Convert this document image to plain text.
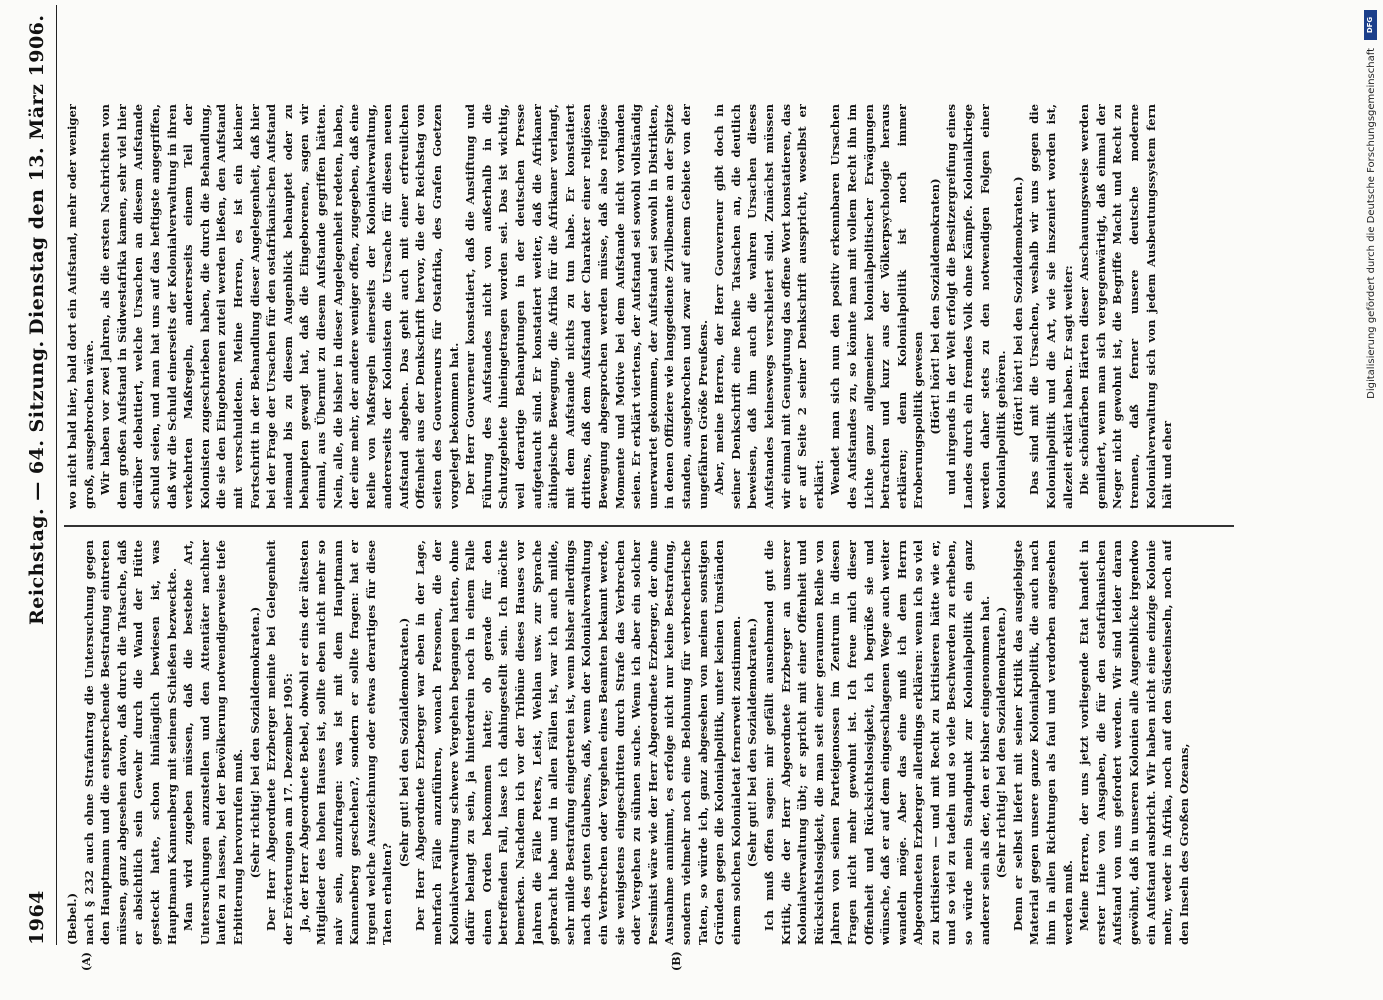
1964
Reichstag. — 64. Sitzung.
Dienstag den 13. März 1906.
(A)	(B)

(Bebel.) nach § 232 auch ohne Strafantrag die Untersuchung gegen den Hauptmann und die entsprechende Bestrafung eintreten müssen, ganz abgesehen davon, daß durch die Tatsache, daß er absichtlich sein Gewehr durch die Wand der Hütte gesteckt hatte, schon hinlänglich bewiesen ist, was Hauptmann Kannenberg mit seinem Schießen bezweckte. Man wird zugeben müssen, daß die bestebte Art, Untersuchungen anzustellen und den Attentäter nachher laufen zu lassen, bei der Bevölkerung notwendigerweise tiefe Erbitterung hervorrufen muß. (Sehr richtig! bei den Sozialdemokraten.) Der Herr Abgeordnete Erzberger meinte bei Gelegenheit der Erörterungen am 17. Dezember 1905: Ja, der Herr Abgeordnete Bebel, obwohl er eins der ältesten Mitglieder des hohen Hauses ist, sollte eben nicht mehr so naiv sein, anzufragen: was ist mit dem Hauptmann Kannenberg geschehen?, sondern er sollte fragen: hat er irgend welche Auszeichnung oder etwas derartiges für diese Taten erhalten?

(Sehr gut! bei den Sozialdemokraten.) Der Herr Abgeordnete Erzberger war eben in der Lage, mehrfach Fälle anzuführen, wonach Personen, die der Kolonialverwaltung schwere Vergehen begangen hatten, ohne dafür belangt zu sein, ja hinterdrein noch in einem Falle einen Orden bekommen hatte; ob gerade für den betreffenden Fall, lasse ich dahingestellt sein. Ich möchte bemerken. Nachdem ich vor der Tribüne dieses Hauses vor Jahren die Fälle Peters, Leist, Wehlan usw. zur Sprache gebracht habe und in allen Fällen ist, war ich auch milde, sehr milde Bestrafung eingetreten ist, wenn bisher allerdings nach des guten Glaubens, daß, wenn der Kolonialverwaltung ein Verbrechen oder Vergehen eines Beamten bekannt werde, sie wenigstens eingeschritten durch Strafe das Verbrechen oder Vergehen zu sühnen suche. Wenn ich aber ein solcher Pessimist wäre wie der Herr Abgeordnete Erzberger, der ohne Ausnahme annimmt, es erfolge nicht nur keine Bestrafung, sondern vielmehr noch eine Belohnung für verbrecherische Taten, so würde ich, ganz abgesehen von meinen sonstigen Gründen gegen die Kolonialpolitik, unter keinen Umständen einem solchen Kolonialetat fernerweit zustimmen. (Sehr gut! bei den Sozialdemokraten.) Ich muß offen sagen: mir gefällt ausnehmend gut die Kritik, die der Herr Abgeordnete Erzberger an unserer Kolonialverwaltung übt; er spricht mit einer Offenheit und Rücksichtslosigkeit, die man seit einer geraumen Reihe von Jahren von seinen Parteigenossen im Zentrum in diesen Fragen nicht mehr gewohnt ist. Ich freue mich dieser Offenheit und Rücksichtslosigkeit, ich begrüße sie und wünsche, daß er auf dem eingeschlagenen Wege auch weiter wandeln möge. Aber das eine muß ich dem Herrn Abgeordneten Erzberger allerdings erklären: wenn ich so viel zu kritisieren — und mit Recht zu kritisieren hätte wie er, und so viel zu tadeln und so viele Beschwerden zu erheben, so würde mein Standpunkt zur Kolonialpolitik ein ganz anderer sein als der, den er bisher eingenommen hat. (Sehr richtig! bei den Sozialdemokraten.) Denn er selbst liefert mit seiner Kritik das ausgiebigste Material gegen unsere ganze Kolonialpolitik, die auch nach ihm in allen Richtungen als faul und verdorben angesehen werden muß. Meine Herren, der uns jetzt vorliegende Etat handelt in erster Linie von Ausgaben, die für den ostafrikanischen Aufstand von uns gefordert werden. Wir sind leider daran gewöhnt, daß in unseren Kolonien alle Augenblicke irgendwo ein Aufstand ausbricht. Wir haben nicht eine einzige Kolonie mehr, weder in Afrika, noch auf den Südseeinseln, noch auf den Inseln des Großen Ozeans,

wo nicht bald hier, bald dort ein Aufstand, mehr oder weniger groß, ausgebrochen wäre. Wir haben vor zwei Jahren, als die ersten Nachrichten von dem großen Aufstand in Südwestafrika kamen, sehr viel hier darüber debattiert, welche Ursachen an diesem Aufstande schuld seien, und man hat uns auf das heftigste angegriffen, daß wir die Schuld einerseits der Kolonialverwaltung in ihren verkehrten Maßregeln, andererseits einem Teil der Kolonisten zugeschrieben haben, die durch die Behandlung, die sie den Eingeborenen zuteil werden ließen, den Aufstand mit verschuldeten. Meine Herren, es ist ein kleiner Fortschritt in der Behandlung dieser Angelegenheit, daß hier bei der Frage der Ursachen für den ostafrikanischen Aufstand niemand bis zu diesem Augenblick behauptet oder zu behaupten gewagt hat, daß die Eingeborenen, sagen wir einmal, aus Übermut zu diesem Aufstande gegriffen hätten. Nein, alle, die bisher in dieser Angelegenheit redeten, haben, der eine mehr, der andere weniger offen, zugegeben, daß eine Reihe von Maßregeln einerseits der Kolonialverwaltung, andererseits der Kolonisten die Ursache für diesen neuen Aufstand abgeben. Das geht auch mit einer erfreulichen Offenheit aus der Denkschrift hervor, die der Reichstag von seiten des Gouverneurs für Ostafrika, des Grafen Goetzen vorgelegt bekommen hat. Der Herr Gouverneur konstatiert, daß die Anstiftung und Führung des Aufstandes nicht von außerhalb in die Schutzgebiete hineingetragen worden sei. Das ist wichtig, weil derartige Behauptungen in der deutschen Presse aufgetaucht sind. Er konstatiert weiter, daß die Afrikaner äthiopische Bewegung, die Afrika für die Afrikaner verlangt, mit dem Aufstande nichts zu tun habe. Er konstatiert drittens, daß dem Aufstand der Charakter einer religiösen Bewegung abgesprochen werden müsse, daß also religiöse Momente und Motive bei dem Aufstande nicht vorhanden seien. Er erklärt viertens, der Aufstand sei sowohl vollständig unerwartet gekommen, der Aufstand sei sowohl in Distrikten, in denen Offiziere wie langgediente Zivilbeamte an der Spitze standen, ausgebrochen und zwar auf einem Gebiete von der ungefähren Größe Preußens. Aber, meine Herren, der Herr Gouverneur gibt doch in seiner Denkschrift eine Reihe Tatsachen an, die deutlich beweisen, daß ihm auch die wahren Ursachen dieses Aufstandes keineswegs verschleiert sind. Zunächst müssen wir einmal mit Genugtuung das offene Wort konstatieren, das er auf Seite 2 seiner Denkschrift ausspricht, woselbst er erklärt: Wendet man sich nun den positiv erkennbaren Ursachen des Aufstandes zu, so könnte man mit vollem Recht ihn im Lichte ganz allgemeiner kolonialpolitischer Erwägungen betrachten und kurz aus der Völkerpsychologie heraus erklären; denn Kolonialpolitik ist noch immer Eroberungspolitik gewesen (Hört! hört! bei den Sozialdemokraten) und nirgends in der Welt erfolgt die Besitzergreifung eines Landes durch ein fremdes Volk ohne Kämpfe. Kolonialkriege werden daher stets zu den notwendigen Folgen einer Kolonialpolitik gehören. (Hört! hört! bei den Sozialdemokraten.) Das sind mit die Ursachen, weshalb wir uns gegen die Kolonialpolitik und die Art, wie sie inszeniert worden ist, allezeit erklärt haben. Er sagt weiter: Die schönfärben Härten dieser Anschauungsweise werden gemildert, wenn man sich vergegenwärtigt, daß einmal der Neger nicht gewohnt ist, die Begriffe Macht und Recht zu trennen, daß ferner unsere deutsche moderne Kolonialverwaltung sich von jedem Ausbeutungssystem fern hält und eher

DFG
Digitalisierung gefördert durch die Deutsche Forschungsgemeinschaft
